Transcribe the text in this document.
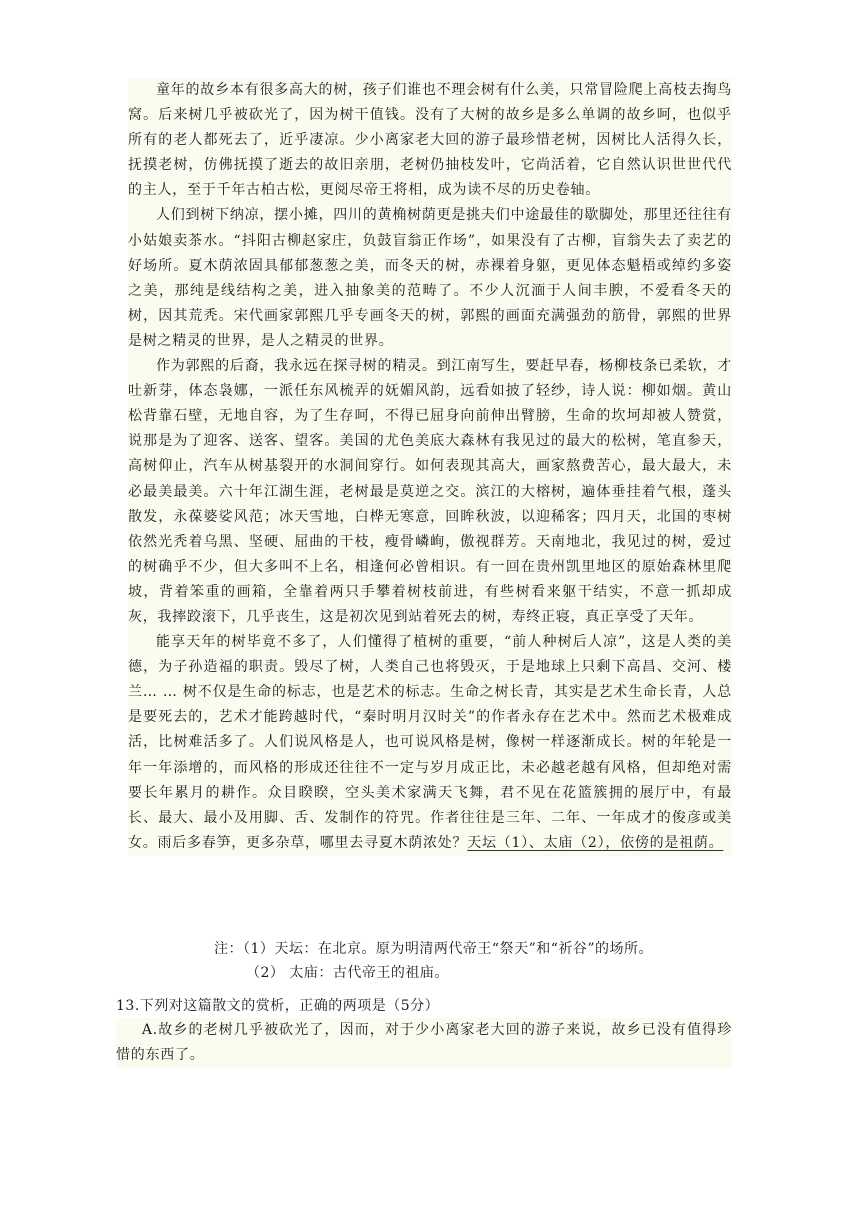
童年的故乡本有很多高大的树，孩子们谁也不理会树有什么美，只常冒险爬上高枝去掏鸟窝。后来树几乎被砍光了，因为树干值钱。没有了大树的故乡是多么单调的故乡呵，也似乎所有的老人都死去了，近乎凄凉。少小离家老大回的游子最珍惜老树，因树比人活得久长，抚摸老树，仿佛抚摸了逝去的故旧亲朋，老树仍抽枝发叶，它尚活着，它自然认识世世代代的主人，至于千年古柏古松，更阅尽帝王将相，成为读不尽的历史卷轴。

人们到树下纳凉，摆小摊，四川的黄桷树荫更是挑夫们中途最佳的歇脚处，那里还往往有小姑娘卖茶水。“抖阳古柳赵家庄，负鼓盲翁正作场”，如果没有了古柳，盲翁失去了卖艺的好场所。夏木荫浓固具郁郁葱葱之美，而冬天的树，赤裸着身躯，更见体态魁梧或绰约多姿之美，那纯是线结构之美，进入抽象美的范畴了。不少人沉湎于人间丰腴，不爱看冬天的树，因其荒秃。宋代画家郭熙几乎专画冬天的树，郭熙的画面充满强劲的筋骨，郭熙的世界是树之精灵的世界，是人之精灵的世界。

作为郭熙的后裔，我永远在探寻树的精灵。到江南写生，要赶早春，杨柳枝条已柔软，才吐新芽，体态袅娜，一派任东风梳弄的妩媚风韵，远看如披了轻纱，诗人说：柳如烟。黄山松背靠石壁，无地自容，为了生存呵，不得已屈身向前伸出臂膀，生命的坎坷却被人赞赏，说那是为了迎客、送客、望客。美国的尤色美底大森林有我见过的最大的松树，笔直参天，高树仰止，汽车从树基裂开的水洞间穿行。如何表现其高大，画家熬费苦心，最大最大，未必最美最美。六十年江湖生涯，老树最是莫逆之交。滨江的大榕树，遍体垂挂着气根，蓬头散发，永葆婆娑风范；冰天雪地，白桦无寒意，回眸秋波，以迎稀客；四月天，北国的枣树依然光秃着乌黑、坚硬、屈曲的干枝，瘦骨嶙峋，傲视群芳。天南地北，我见过的树，爱过的树确乎不少，但大多叫不上名，相逢何必曾相识。有一回在贵州凯里地区的原始森林里爬坡，背着笨重的画箱，全靠着两只手攀着树枝前进，有些树看来躯干结实，不意一抓却成灰，我摔跤滚下，几乎丧生，这是初次见到站着死去的树，寿终正寝，真正享受了天年。

能享天年的树毕竟不多了，人们懂得了植树的重要，“前人种树后人凉”，这是人类的美德，为子孙造福的职责。毁尽了树，人类自己也将毁灭，于是地球上只剩下高昌、交河、楼兰… … 树不仅是生命的标志，也是艺术的标志。生命之树长青，其实是艺术生命长青，人总是要死去的，艺术才能跨越时代，“秦时明月汉时关”的作者永存在艺术中。然而艺术极难成活，比树难活多了。人们说风格是人，也可说风格是树，像树一样逐渐成长。树的年轮是一年一年添增的，而风格的形成还往往不一定与岁月成正比，未必越老越有风格，但却绝对需要长年累月的耕作。众目睽睽，空头美术家满天飞舞，君不见在花篮簇拥的展厅中，有最长、最大、最小及用脚、舌、发制作的符咒。作者往往是三年、二年、一年成才的俊彦或美女。雨后多春笋，更多杂草，哪里去寻夏木荫浓处？天坛（1）、太庙（2），依傍的是祖荫。

注：（1）天坛：在北京。原为明清两代帝王“祭天”和“祈谷”的场所。
（2） 太庙：古代帝王的祖庙。
13.下列对这篇散文的赏析，正确的两项是（5分）

A.故乡的老树几乎被砍光了，因而，对于少小离家老大回的游子来说，故乡已没有值得珍惜的东西了。
